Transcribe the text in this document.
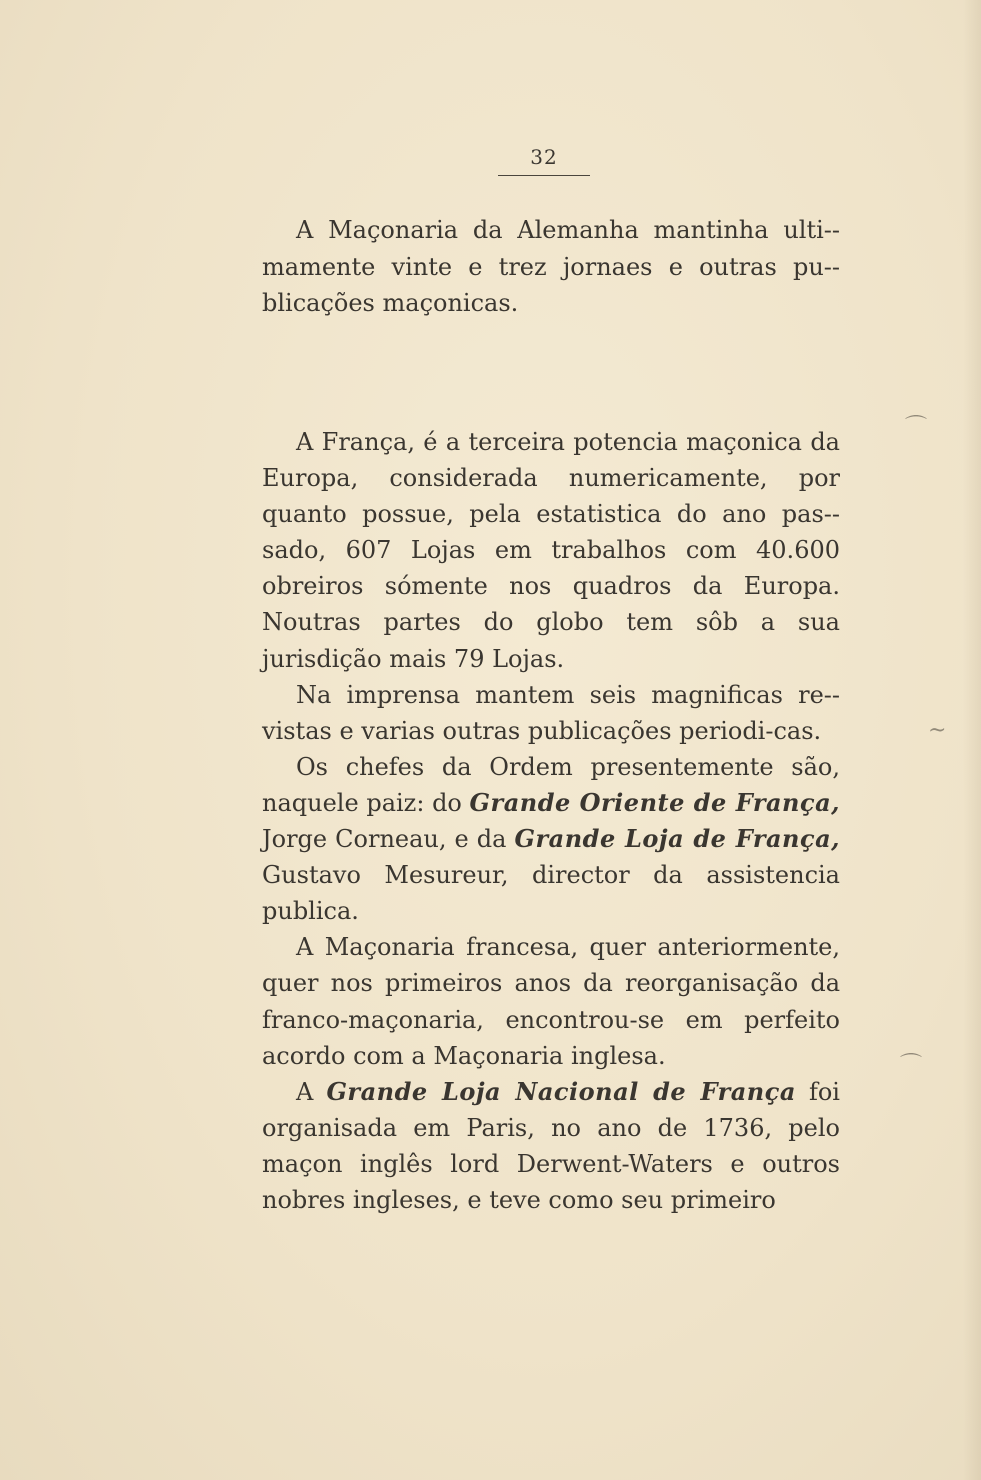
32

A Maçonaria da Alemanha mantinha ulti-mamente vinte e trez jornaes e outras pu-blicações maçonicas.

A França, é a terceira potencia maçonica da Europa, considerada numericamente, por quanto possue, pela estatistica do ano pas-sado, 607 Lojas em trabalhos com 40.600 obreiros sómente nos quadros da Europa. Noutras partes do globo tem sôb a sua jurisdição mais 79 Lojas.

Na imprensa mantem seis magnificas re-vistas e varias outras publicações periodi-cas.

Os chefes da Ordem presentemente são, naquele paiz: do Grande Oriente de França, Jorge Corneau, e da Grande Loja de França, Gustavo Mesureur, director da assistencia publica.

A Maçonaria francesa, quer anteriormente, quer nos primeiros anos da reorganisação da franco-maçonaria, encontrou-se em perfeito acordo com a Maçonaria inglesa.

A Grande Loja Nacional de França foi organisada em Paris, no ano de 1736, pelo maçon inglês lord Derwent-Waters e outros nobres ingleses, e teve como seu primeiro

⌒
~
⌒
